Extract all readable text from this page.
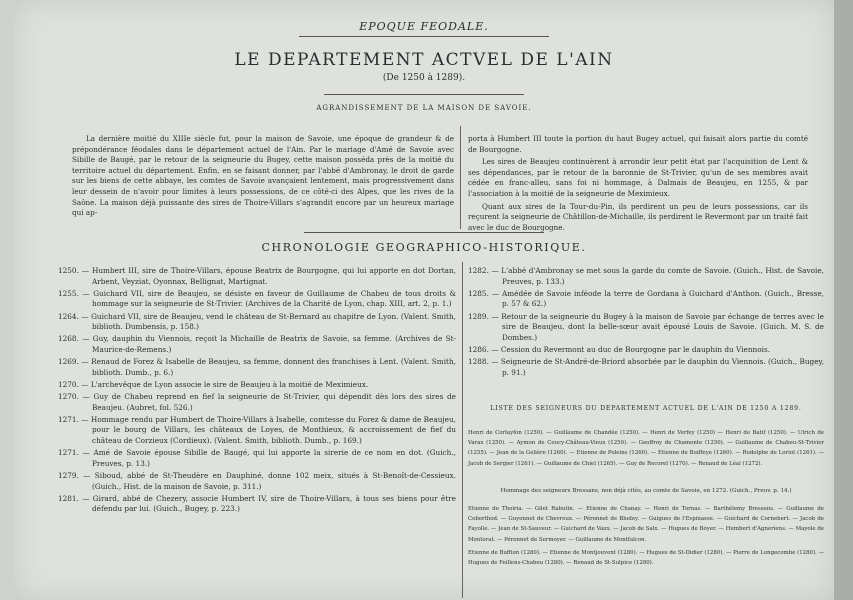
EPOQUE FEODALE.
LE DEPARTEMENT ACTVEL DE L'AIN
(De 1250 à 1289).
AGRANDISSEMENT DE LA MAISON DE SAVOIE.

La dernière moitié du XIIIe siècle fut, pour la maison de Savoie, une époque de grandeur & de prépondérance féodales dans le département actuel de l'Ain. Par le mariage d'Amé de Savoie avec Sibille de Baugé, par le retour de la seigneurie du Bugey, cette maison posséda près de la moitié du territoire actuel du département. Enfin, en se faisant donner, par l'abbé d'Ambronay, le droit de garde sur les biens de cette abbaye, les comtes de Savoie avançaient lentement, mais progressivement dans leur dessein de n'avoir pour limites à leurs possessions, de ce côté-ci des Alpes, que les rives de la Saône. La maison déjà puissante des sires de Thoire-Villars s'agrandit encore par un heureux mariage qui ap-

porta à Humbert III toute la portion du haut Bugey actuel, qui faisait alors partie du comté de Bourgogne.

Les sires de Beaujeu continuèrent à arrondir leur petit état par l'acquisition de Lent & ses dépendances, par le retour de la baronnie de St-Trivier, qu'un de ses membres avait cédée en franc-alleu, sans foi ni hommage, à Dalmais de Beaujeu, en 1255, & par l'association à la moitié de la seigneurie de Meximieux.

Quant aux sires de la Tour-du-Pin, ils perdirent un peu de leurs possessions, car ils reçurent la seigneurie de Châtillon-de-Michaille, ils perdirent le Revermont par un traité fait avec le duc de Bourgogne.

CHRONOLOGIE GEOGRAPHICO-HISTORIQUE.
1250. — Humbert III, sire de Thoire-Villars, épouse Beatrix de Bourgogne, qui lui apporte en dot Dortan, Arbent, Veyziat, Oyonnax, Bellignat, Martignat.
1255. — Guichard VII, sire de Beaujeu, se désiste en faveur de Guillaume de Chabeu de tous droits & hommage sur la seigneurie de St-Trivier. (Archives de la Charité de Lyon, chap. XIII, art. 2, p. 1.)
1264. — Guichard VII, sire de Beaujeu, vend le château de St-Bernard au chapitre de Lyon. (Valent. Smith, biblioth. Dumbensis, p. 158.)
1268. — Guy, dauphin du Viennois, reçoit la Michaille de Beatrix de Savoie, sa femme. (Archives de St-Maurice-de-Remens.)
1269. — Renaud de Forez & Isabelle de Beaujeu, sa femme, donnent des franchises à Lent. (Valent. Smith, biblioth. Dumb., p. 6.)
1270. — L'archevêque de Lyon associe le sire de Beaujeu à la moitié de Meximieux.
1270. — Guy de Chabeu reprend en fief la seigneurie de St-Trivier, qui dépendit dès lors des sires de Beaujeu. (Aubret, fol. 526.)
1271. — Hommage rendu par Humbert de Thoire-Villars à Isabelle, comtesse du Forez & dame de Beaujeu, pour le bourg de Villars, les châteaux de Loyes, de Monthieux, & accroissement de fief du château de Corzieux (Cordieux). (Valent. Smith, biblioth. Dumb., p. 169.)
1271. — Amé de Savoie épouse Sibille de Baugé, qui lui apporte la sirerie de ce nom en dot. (Guich., Preuves, p. 13.)
1279. — Siboud, abbé de St-Theudère en Dauphiné, donne 102 meix, situés à St-Benoît-de-Cessieux. (Guich., Hist. de la maison de Savoie, p. 311.)
1281. — Girard, abbé de Chezery, associe Humbert IV, sire de Thoire-Villars, à tous ses biens pour être défendu par lui. (Guich., Bugey, p. 223.)
1282. — L'abbé d'Ambronay se met sous la garde du comte de Savoie. (Guich., Hist. de Savoie, Preuves, p. 133.)
1285. — Amédée de Savoie inféode la terre de Gordana à Guichard d'Anthon. (Guich., Bresse, p. 57 & 62.)
1289. — Retour de la seigneurie du Bugey à la maison de Savoie par échange de terres avec le sire de Beaujeu, dont la belle-sœur avait épousé Louis de Savoie. (Guich. M. S. de Dombes.)
1286. — Cession du Revermont au duc de Bourgogne par le dauphin du Viennois.
1288. — Seigneurie de St-André-de-Briord absorbée par le dauphin du Viennois. (Guich., Bugey, p. 91.)
LISTE DES SEIGNEURS DU DEPARTEMENT ACTUEL DE L'AIN DE 1250 A 1289.

Henri de Corlayfon (1250). — Guillaume de Chandée (1250). — Henri de Verfey (1250) — Henri de Batif (1250). — Ulrich de Varax (1250). — Aymon de Coucy-Château-Vieux (1250). — Geoffroy de Chamonte (1250). — Guillaume de Chabeu-St-Trivier (1255). — Jean de la Gelière (1260). — Etienne de Poleins (1260). — Etienne de Buiffeye (1260). — Rodolphe de Loriot (1261). — Jacob de Sergier (1261). — Guillaume de Chiel (1265). — Guy de Recorel (1270). — Renaud de Léal (1272).

Hommage des seigneurs Bressans, non déjà cités, au comte de Savoie, en 1272. (Guich., Preuv. p. 14.)

Etienne de Thoiria. — Gilet Rabutin. — Etienne de Chanay. — Henri de Tornas. — Barthélemy Bressens. — Guillaume de Coberthod. — Guyonnet de Chevroux. — Péronnet de Bludey. — Guigues de l'Espinasse. — Guichard de Cornebert. — Jacob de Fayolle. — Jean de St-Sauveur. — Guichard de Vaux. — Jacob de Salx. — Hugues de Boyer. — Humbert d'Agneriens. — Mayole de Montorat. — Péronnet de Sermoyer. — Guillaume de Montfalcon.

Etienne de Buffion (1280). — Etienne de Montjouvent (1280). — Hugues de St-Didier (1280). — Pierre de Longecombe (1280). — Hugues de Feillens-Chabeu (1280). — Renaud de St-Sulpice (1280).
